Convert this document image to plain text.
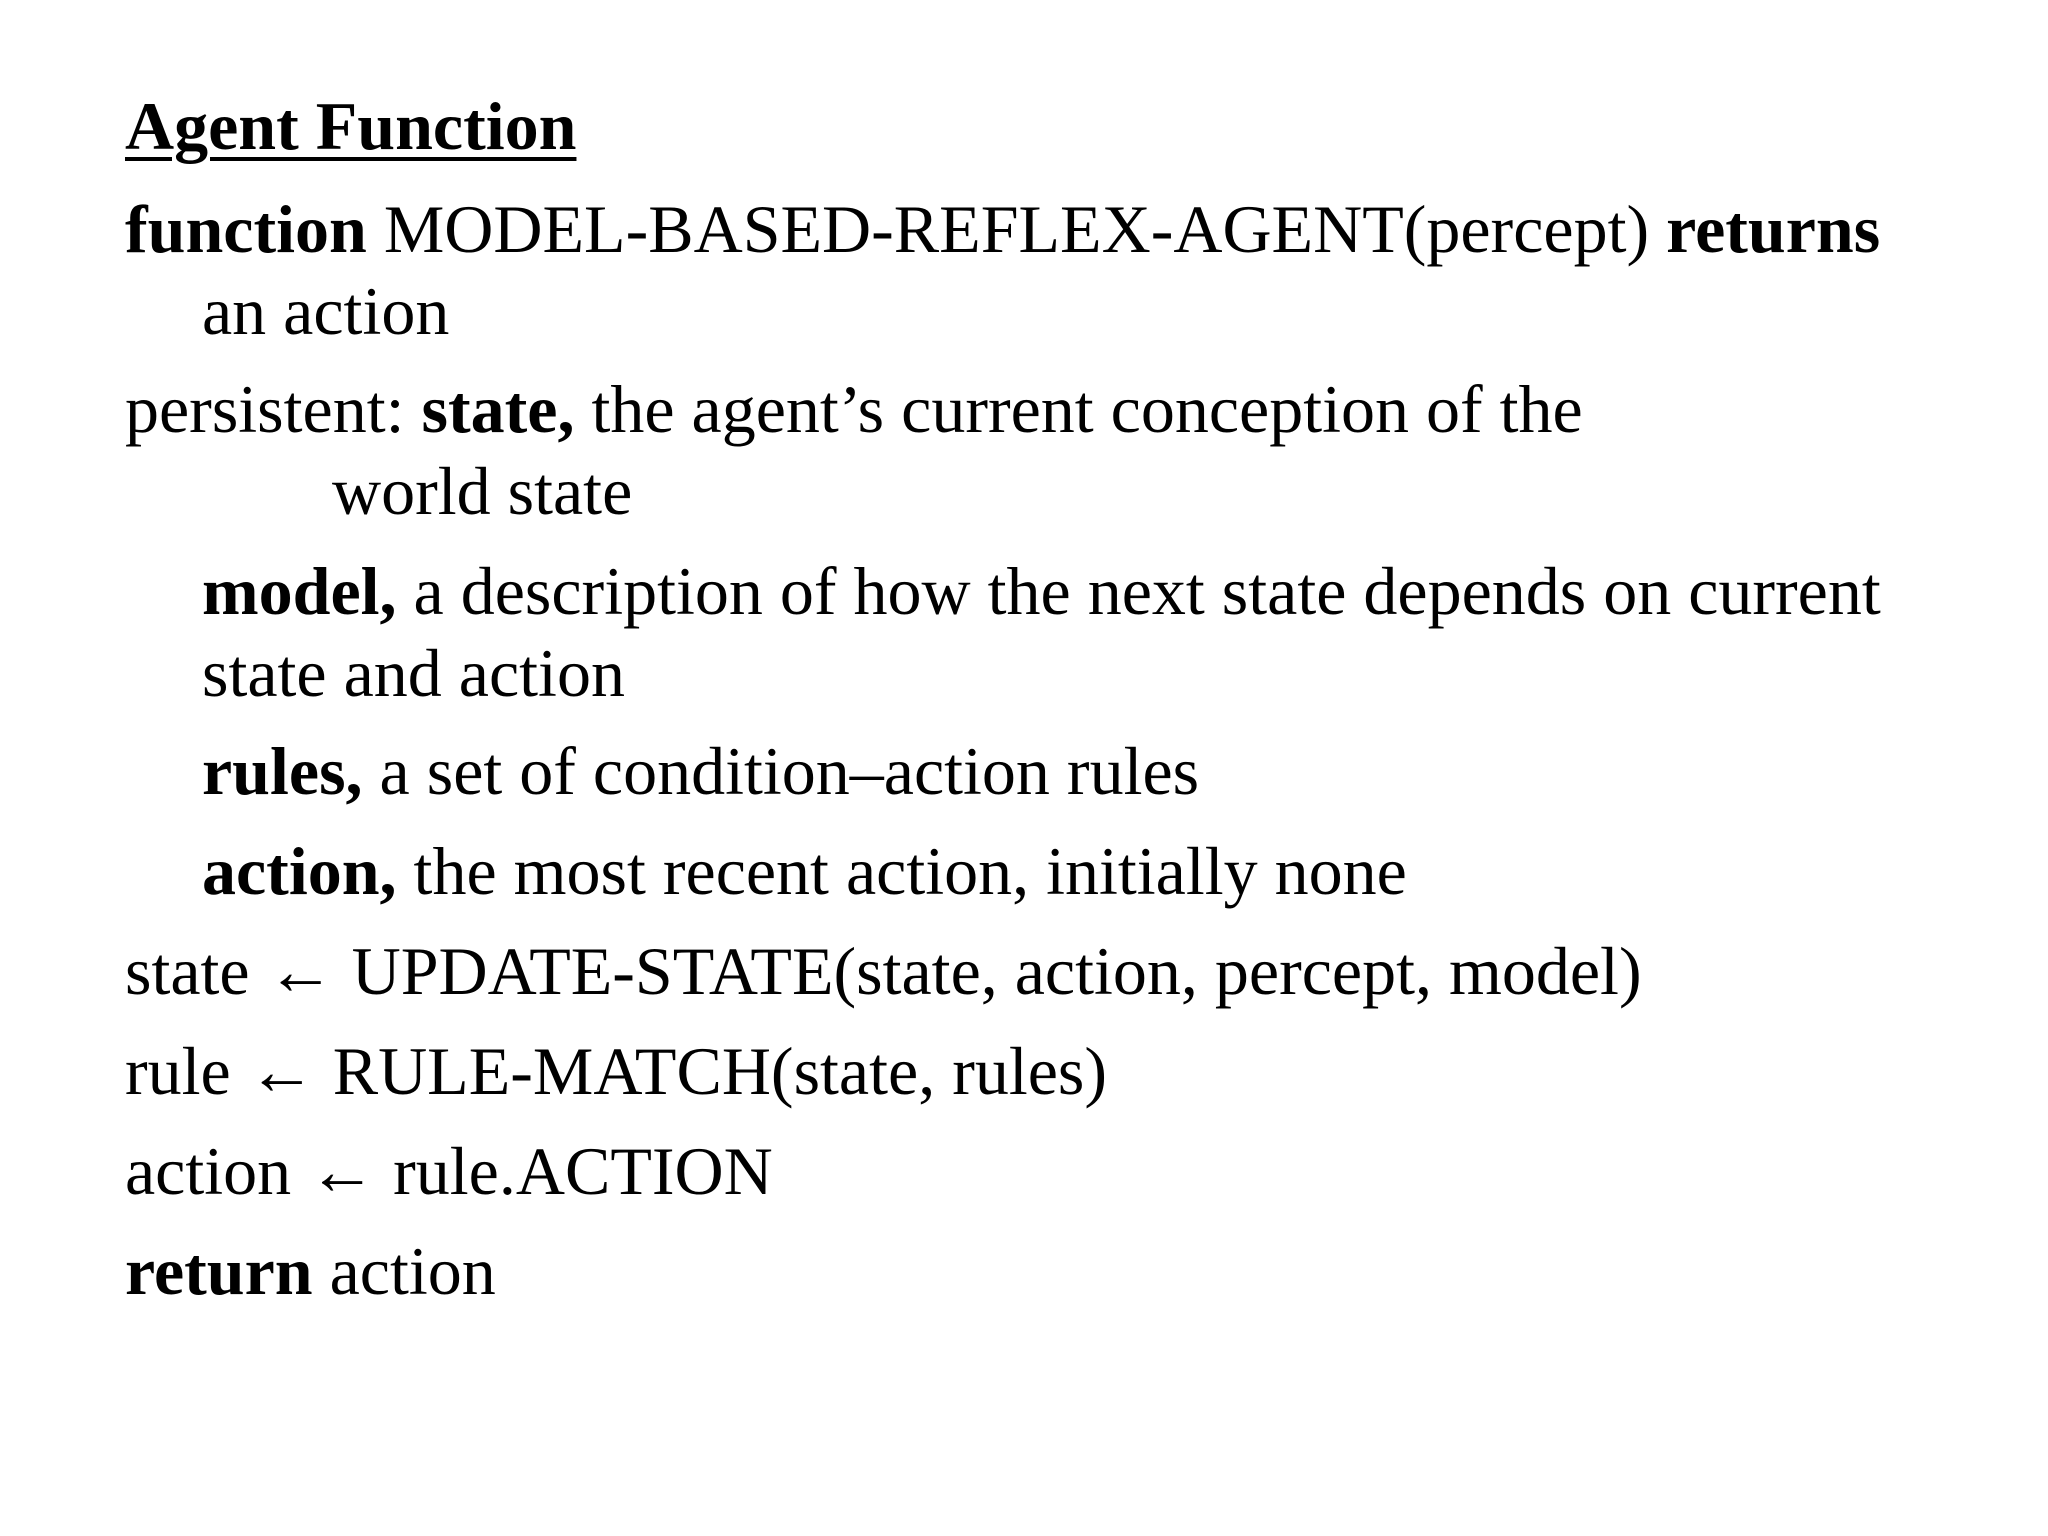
Agent Function
function MODEL-BASED-REFLEX-AGENT(percept) returns
an action
persistent: state, the agent’s current conception of the
world state
model, a description of how the next state depends on current
state and action
rules, a set of condition–action rules
action, the most recent action, initially none
state ← UPDATE-STATE(state, action, percept, model)
rule ← RULE-MATCH(state, rules)
action ← rule.ACTION
return action
